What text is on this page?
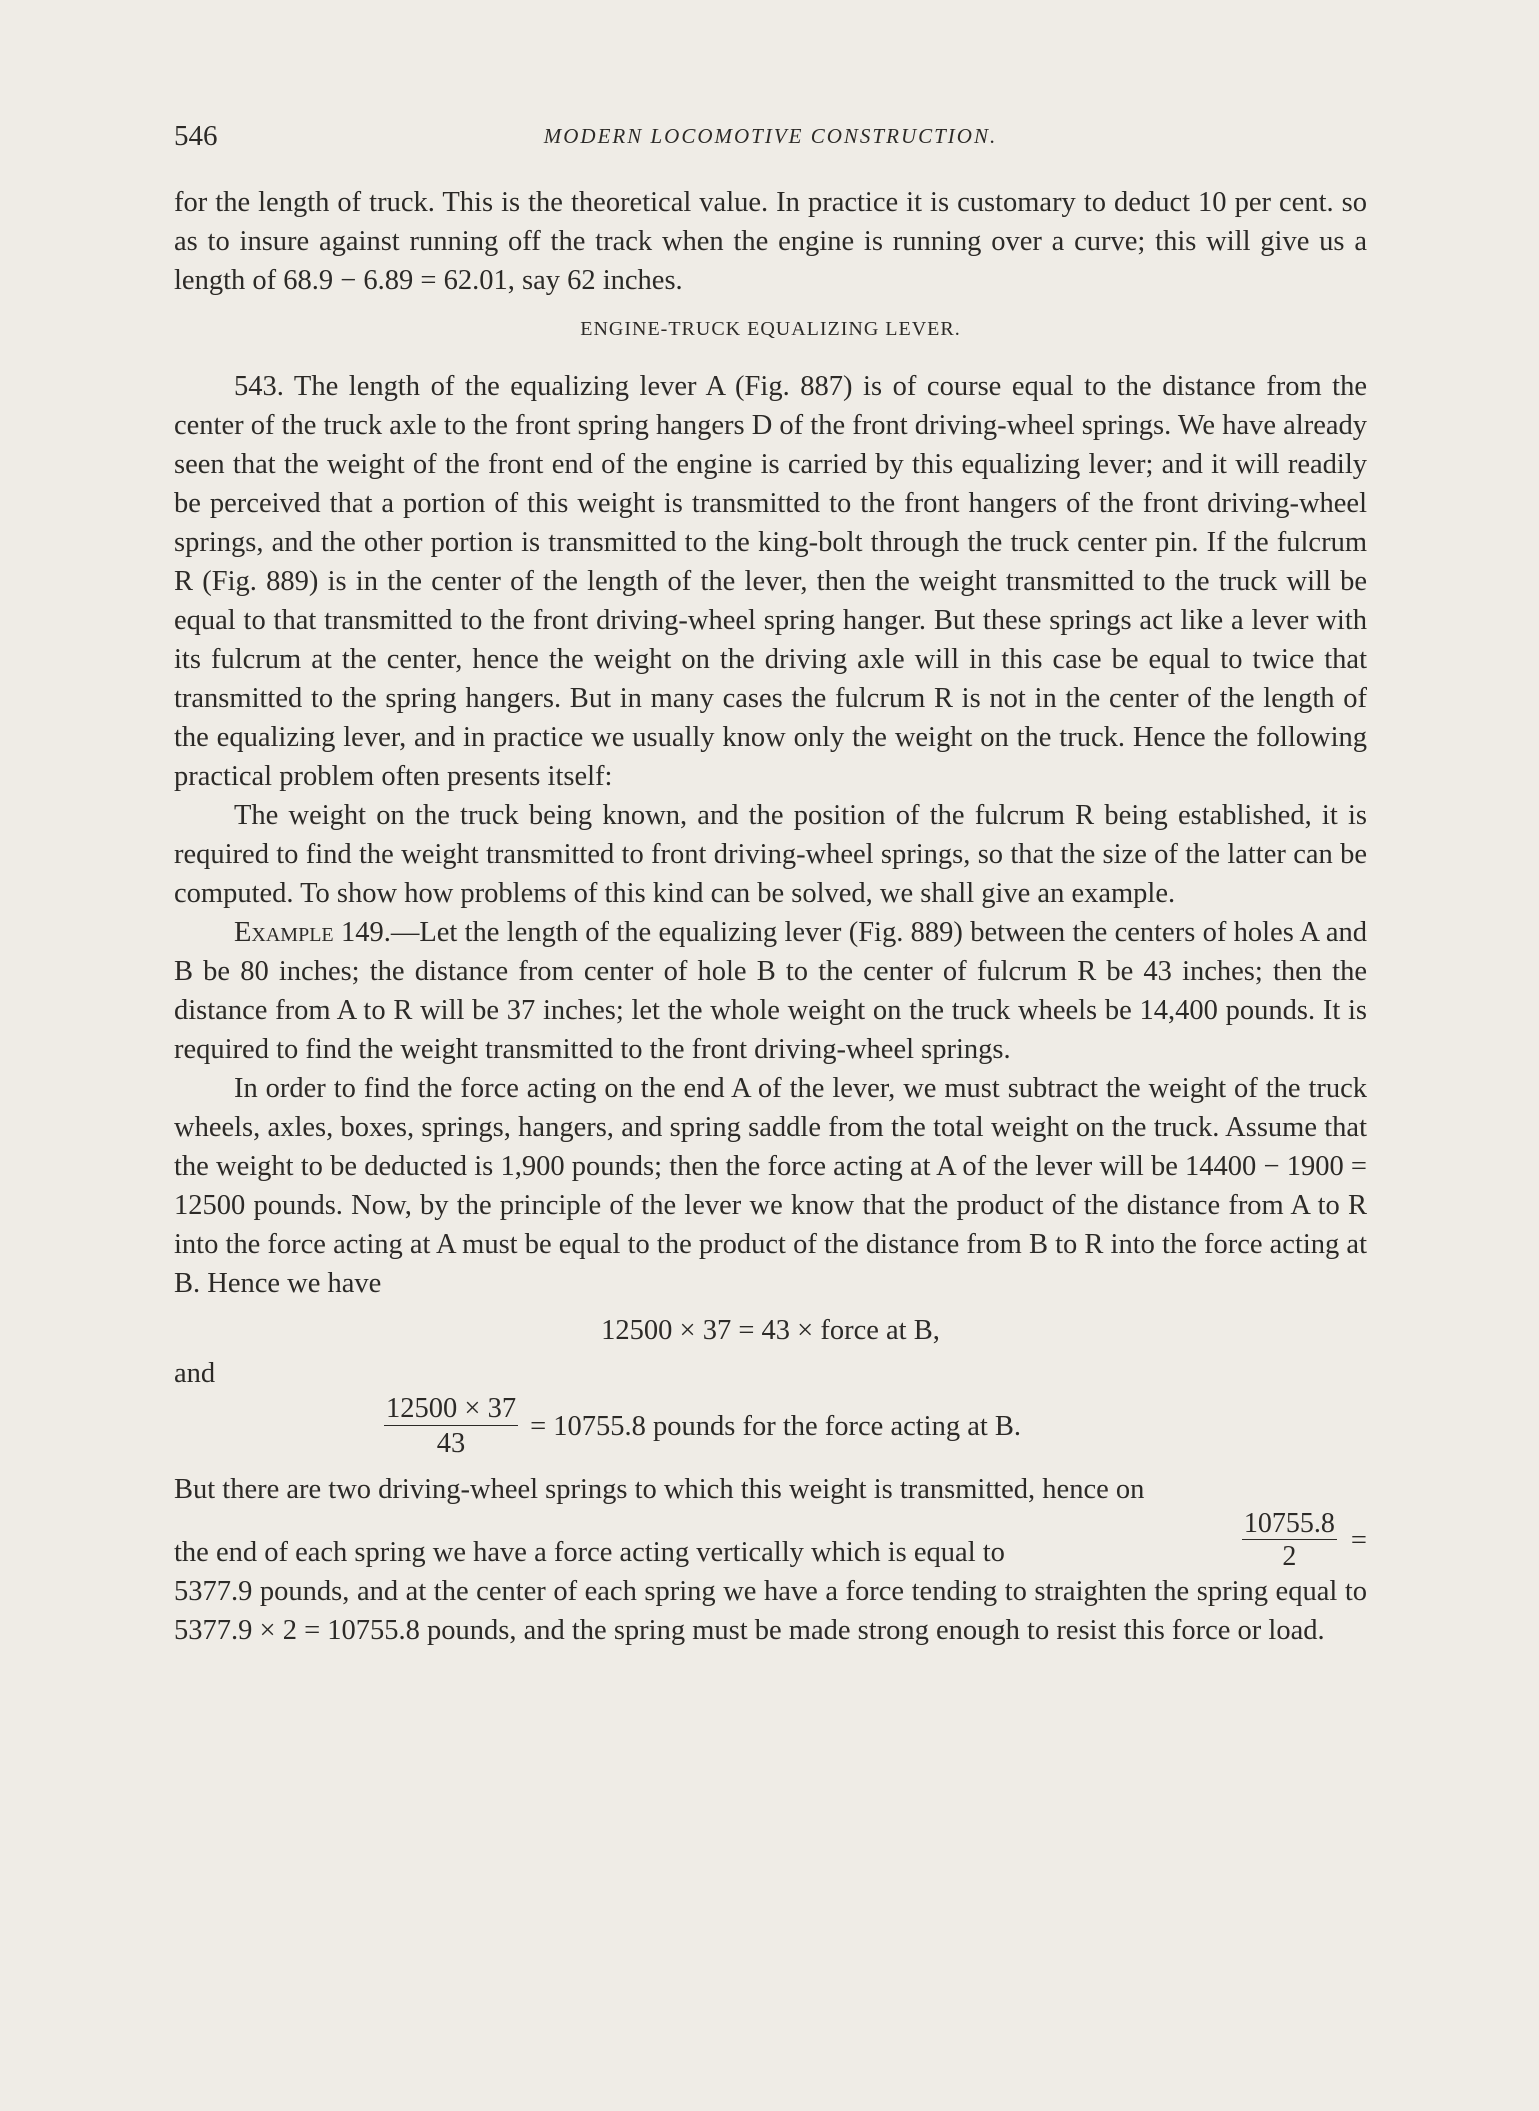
546	MODERN LOCOMOTIVE CONSTRUCTION.

for the length of truck. This is the theoretical value. In practice it is customary to deduct 10 per cent. so as to insure against running off the track when the engine is running over a curve; this will give us a length of 68.9 − 6.89 = 62.01, say 62 inches.

ENGINE-TRUCK EQUALIZING LEVER.

543. The length of the equalizing lever A (Fig. 887) is of course equal to the distance from the center of the truck axle to the front spring hangers D of the front driving-wheel springs. We have already seen that the weight of the front end of the engine is carried by this equalizing lever; and it will readily be perceived that a portion of this weight is transmitted to the front hangers of the front driving-wheel springs, and the other portion is transmitted to the king-bolt through the truck center pin. If the fulcrum R (Fig. 889) is in the center of the length of the lever, then the weight transmitted to the truck will be equal to that transmitted to the front driving-wheel spring hanger. But these springs act like a lever with its fulcrum at the center, hence the weight on the driving axle will in this case be equal to twice that transmitted to the spring hangers. But in many cases the fulcrum R is not in the center of the length of the equalizing lever, and in practice we usually know only the weight on the truck. Hence the following practical problem often presents itself:

The weight on the truck being known, and the position of the fulcrum R being established, it is required to find the weight transmitted to front driving-wheel springs, so that the size of the latter can be computed. To show how problems of this kind can be solved, we shall give an example.

Example 149.—Let the length of the equalizing lever (Fig. 889) between the centers of holes A and B be 80 inches; the distance from center of hole B to the center of fulcrum R be 43 inches; then the distance from A to R will be 37 inches; let the whole weight on the truck wheels be 14,400 pounds. It is required to find the weight transmitted to the front driving-wheel springs.

In order to find the force acting on the end A of the lever, we must subtract the weight of the truck wheels, axles, boxes, springs, hangers, and spring saddle from the total weight on the truck. Assume that the weight to be deducted is 1,900 pounds; then the force acting at A of the lever will be 14400 − 1900 = 12500 pounds. Now, by the principle of the lever we know that the product of the distance from A to R into the force acting at A must be equal to the product of the distance from B to R into the force acting at B. Hence we have

12500 × 37 = 43 × force at B,
and
$\frac{12500 \times 37}{43} = 10755.8$ pounds for the force acting at B.

But there are two driving-wheel springs to which this weight is transmitted, hence on

the end of each spring we have a force acting vertically which is equal to	$\frac{10755.8}{2}$ =

5377.9 pounds, and at the center of each spring we have a force tending to straighten the spring equal to 5377.9 × 2 = 10755.8 pounds, and the spring must be made strong enough to resist this force or load.
